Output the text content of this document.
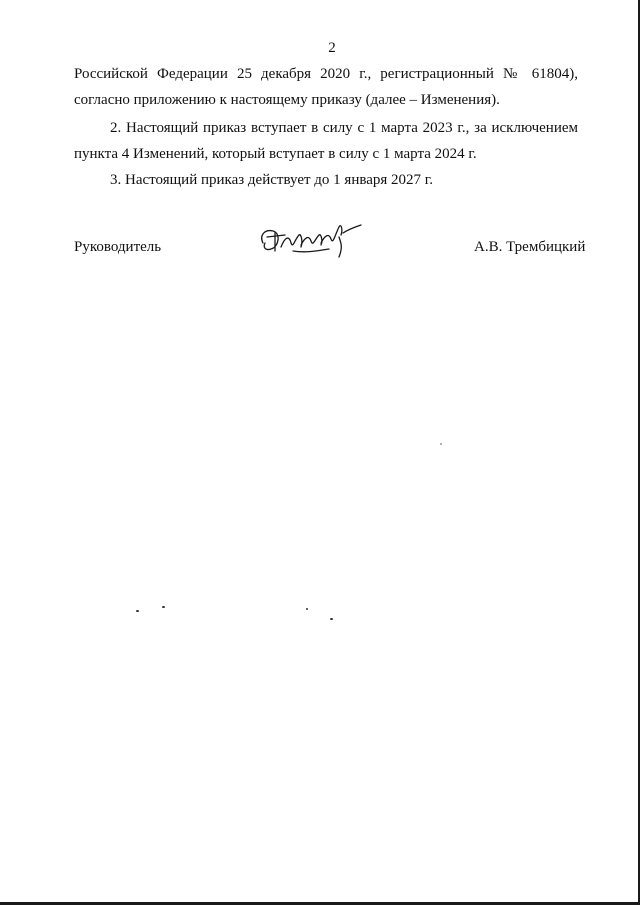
2
Российской Федерации 25 декабря 2020 г., регистрационный № 61804),
согласно приложению к настоящему приказу (далее – Изменения).
2. Настоящий приказ вступает в силу с 1 марта 2023 г., за исключением
пункта 4 Изменений, который вступает в силу с 1 марта 2024 г.
3. Настоящий приказ действует до 1 января 2027 г.
Руководитель	А.В. Трембицкий
